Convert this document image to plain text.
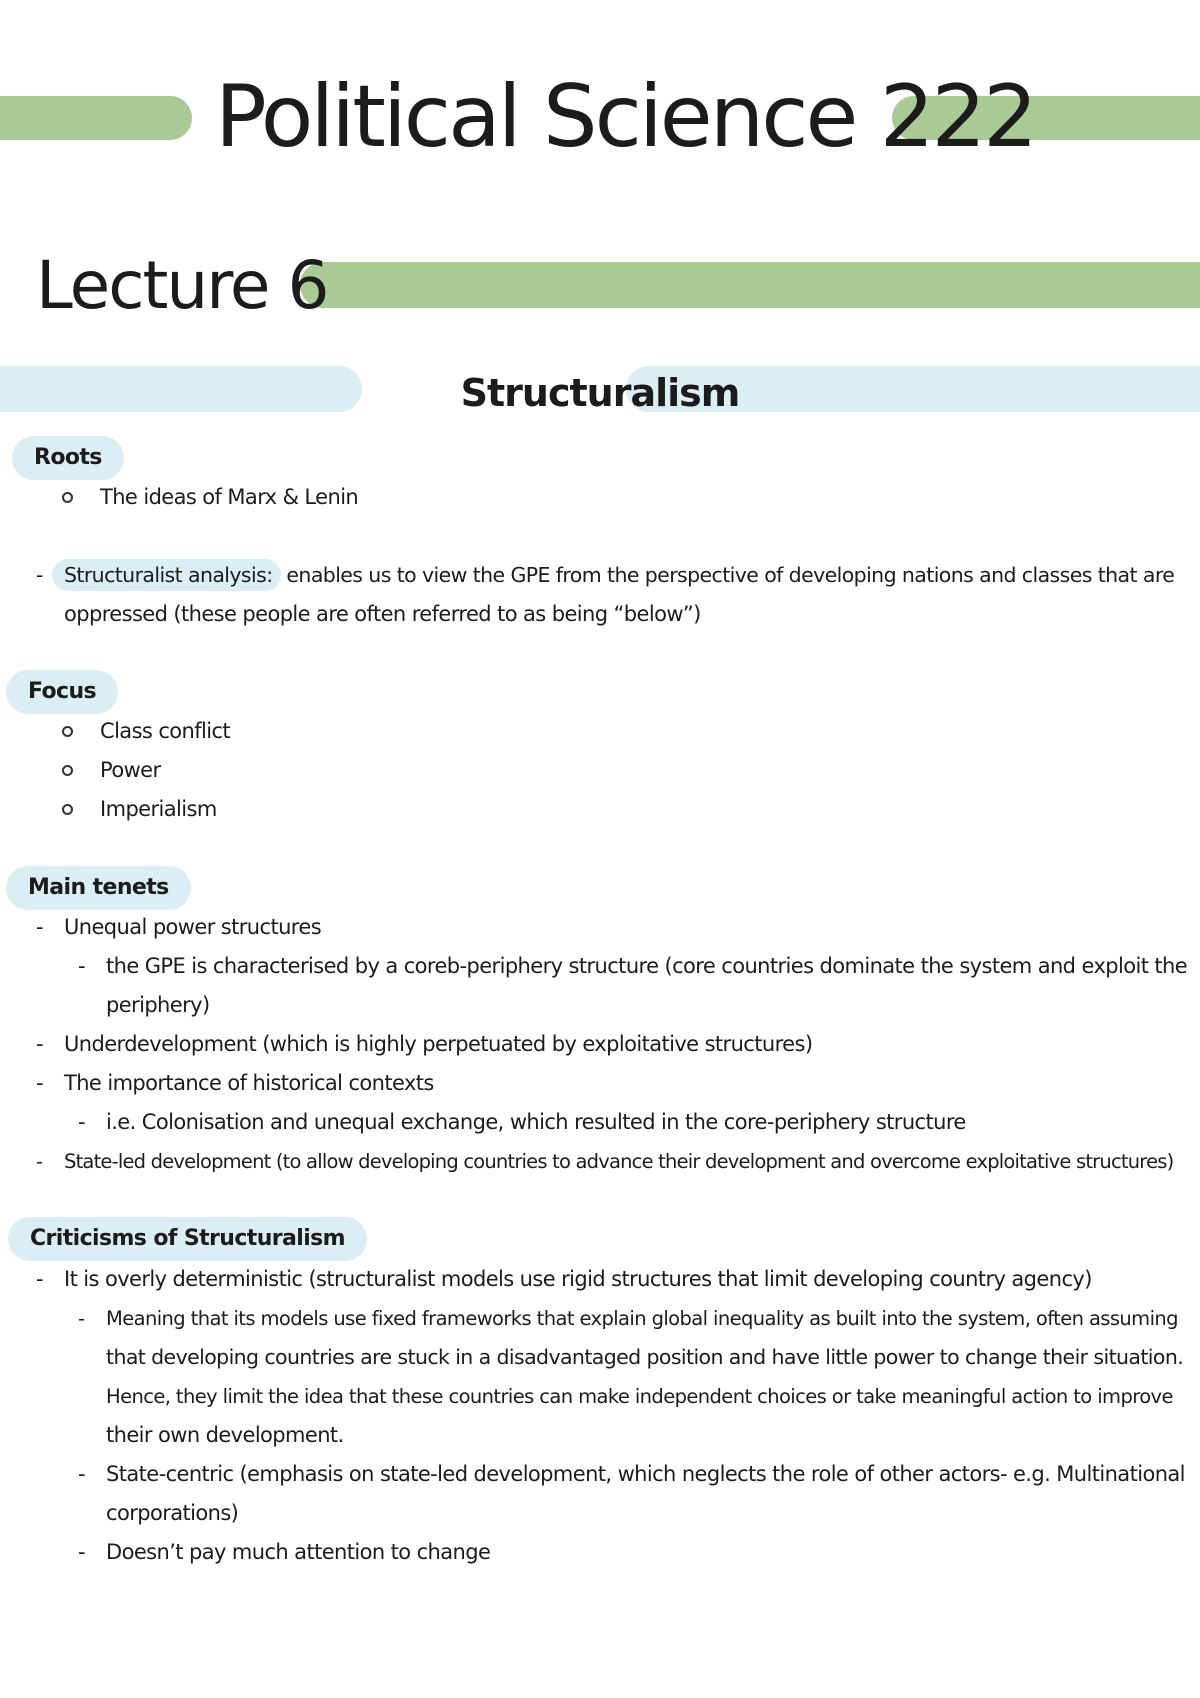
Political Science 222
Lecture 6
Structuralism
Roots
The ideas of Marx & Lenin
- Structuralist analysis: enables us to view the GPE from the perspective of developing nations and classes that are
oppressed (these people are often referred to as being “below”)
Focus
Class conflict
Power
Imperialism
Main tenets
- Unequal power structures
- the GPE is characterised by a coreb-periphery structure (core countries dominate the system and exploit the
periphery)
- Underdevelopment (which is highly perpetuated by exploitative structures)
- The importance of historical contexts
- i.e. Colonisation and unequal exchange, which resulted in the core-periphery structure
- State-led development (to allow developing countries to advance their development and overcome exploitative structures)
Criticisms of Structuralism
- It is overly deterministic (structuralist models use rigid structures that limit developing country agency)
- Meaning that its models use fixed frameworks that explain global inequality as built into the system, often assuming
that developing countries are stuck in a disadvantaged position and have little power to change their situation.
Hence, they limit the idea that these countries can make independent choices or take meaningful action to improve
their own development.
- State-centric (emphasis on state-led development, which neglects the role of other actors- e.g. Multinational
corporations)
- Doesn’t pay much attention to change
